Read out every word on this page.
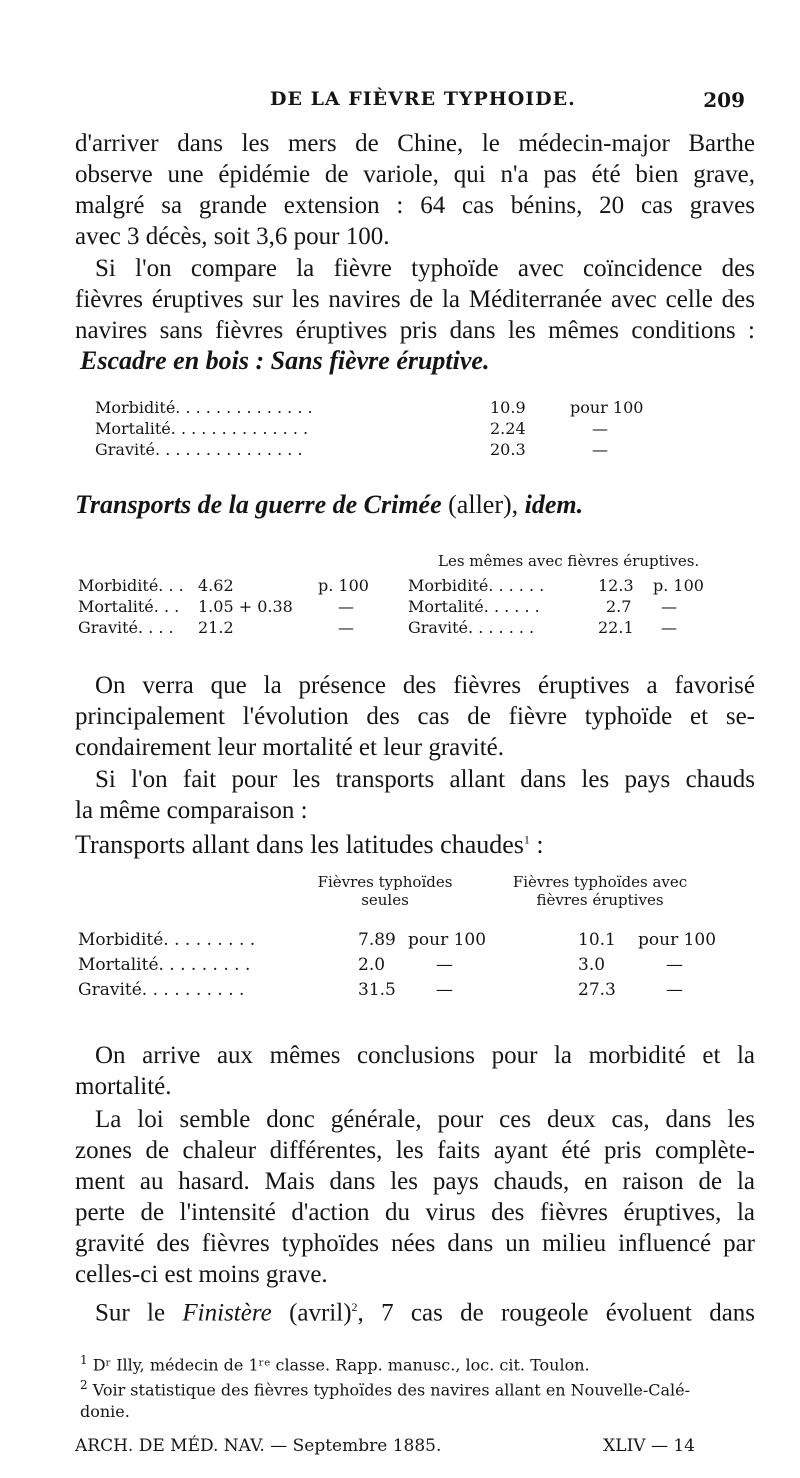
DE LA FIÈVRE TYPHOIDE.	209
d'arriver dans les mers de Chine, le médecin-major Barthe
observe une épidémie de variole, qui n'a pas été bien grave,
malgré sa grande extension : 64 cas bénins, 20 cas graves
avec 3 décès, soit 3,6 pour 100.
Si l'on compare la fièvre typhoïde avec coïncidence des
fièvres éruptives sur les navires de la Méditerranée avec celle des
navires sans fièvres éruptives pris dans les mêmes conditions :
Escadre en bois : Sans fièvre éruptive.
Morbidité. . . . . . . . . . . . . .	10.9	pour 100
Mortalité. . . . . . . . . . . . . .	2.24	—
Gravité. . . . . . . . . . . . . . .	20.3	—
Transports de la guerre de Crimée (aller), idem.
Les mêmes avec fièvres éruptives.
Morbidité. . .	4.62	p. 100	Morbidité. . . . . .	12.3	p. 100
Mortalité. . .	1.05 + 0.38	—	Mortalité. . . . . .	2.7	—
Gravité. . . .	21.2	—	Gravité. . . . . . .	22.1	—
On verra que la présence des fièvres éruptives a favorisé
principalement l'évolution des cas de fièvre typhoïde et se-
condairement leur mortalité et leur gravité.
Si l'on fait pour les transports allant dans les pays chauds
la même comparaison :
Transports allant dans les latitudes chaudes$^1$ :
Fièvres typhoïdes
seules
Fièvres typhoïdes avec
fièvres éruptives
Morbidité. . . . . . . . .	7.89	pour 100	10.1	pour 100
Mortalité. . . . . . . . .	2.0	—	3.0	—
Gravité. . . . . . . . . .	31.5	—	27.3	—
On arrive aux mêmes conclusions pour la morbidité et la
mortalité.
La loi semble donc générale, pour ces deux cas, dans les
zones de chaleur différentes, les faits ayant été pris complète-
ment au hasard. Mais dans les pays chauds, en raison de la
perte de l'intensité d'action du virus des fièvres éruptives, la
gravité des fièvres typhoïdes nées dans un milieu influencé par
celles-ci est moins grave.
Sur le Finistère (avril)$^2$, 7 cas de rougeole évoluent dans

$^1$ Dʳ Illy, médecin de 1ʳᵉ classe. Rapp. manusc., loc. cit. Toulon.

$^2$ Voir statistique des fièvres typhoïdes des navires allant en Nouvelle-Calé-

donie.

ARCH. DE MÉD. NAV. — Septembre 1885.	XLIV — 14
